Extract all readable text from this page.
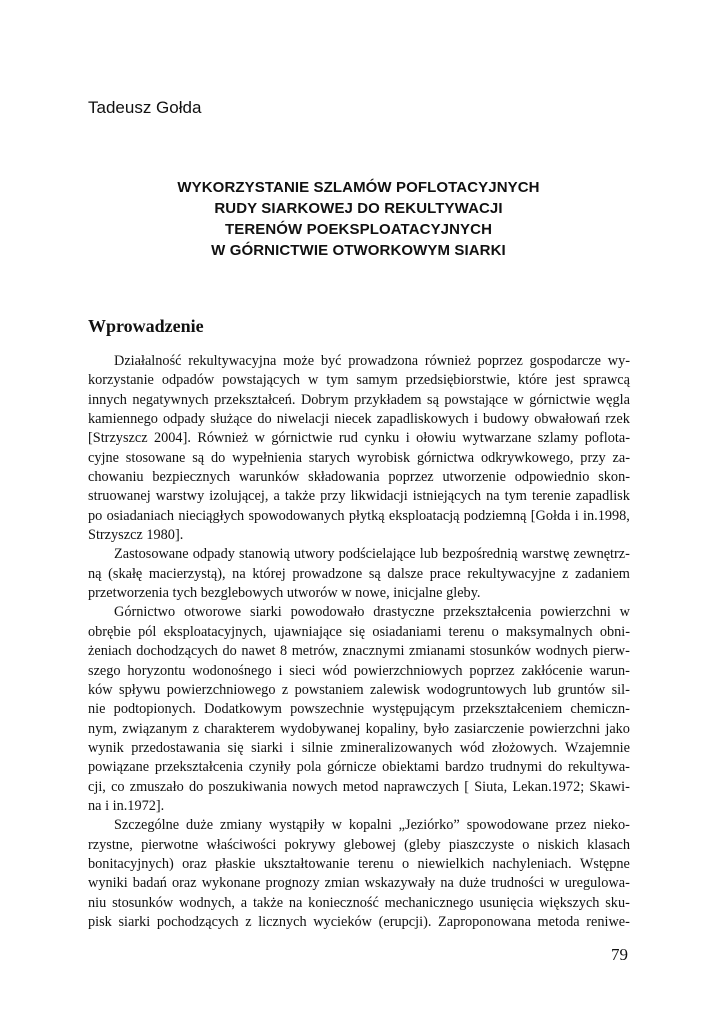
Tadeusz Gołda
WYKORZYSTANIE SZLAMÓW POFLOTACYJNYCH
RUDY SIARKOWEJ DO REKULTYWACJI
TERENÓW POEKSPLOATACYJNYCH
W GÓRNICTWIE OTWORKOWYM SIARKI
Wprowadzenie
Działalność rekultywacyjna może być prowadzona również poprzez gospodarcze wy-
korzystanie odpadów powstających w tym samym przedsiębiorstwie, które jest sprawcą
innych negatywnych przekształceń. Dobrym przykładem są powstające w górnictwie węgla
kamiennego odpady służące do niwelacji niecek zapadliskowych i budowy obwałowań rzek
[Strzyszcz 2004]. Również w górnictwie rud cynku i ołowiu wytwarzane szlamy poflota-
cyjne stosowane są do wypełnienia starych wyrobisk górnictwa odkrywkowego, przy za-
chowaniu bezpiecznych warunków składowania poprzez utworzenie odpowiednio skon-
struowanej warstwy izolującej, a także przy likwidacji istniejących na tym terenie zapadlisk
po osiadaniach nieciągłych spowodowanych płytką eksploatacją podziemną [Gołda i in.1998,
Strzyszcz 1980].
Zastosowane odpady stanowią utwory podścielające lub bezpośrednią warstwę zewnętrz-
ną (skałę macierzystą), na której prowadzone są dalsze prace rekultywacyjne z zadaniem
przetworzenia tych bezglebowych utworów w nowe, inicjalne gleby.
Górnictwo otworowe siarki powodowało drastyczne przekształcenia powierzchni w
obrębie pól eksploatacyjnych, ujawniające się osiadaniami terenu o maksymalnych obni-
żeniach dochodzących do nawet 8 metrów, znacznymi zmianami stosunków wodnych pierw-
szego horyzontu wodonośnego i sieci wód powierzchniowych poprzez zakłócenie warun-
ków spływu powierzchniowego z powstaniem zalewisk wodogruntowych lub gruntów sil-
nie podtopionych. Dodatkowym powszechnie występującym przekształceniem chemiczn-
nym, związanym z charakterem wydobywanej kopaliny, było zasiarczenie powierzchni jako
wynik przedostawania się siarki i silnie zmineralizowanych wód złożowych. Wzajemnie
powiązane przekształcenia czyniły pola górnicze obiektami bardzo trudnymi do rekultywa-
cji, co zmuszało do poszukiwania nowych metod naprawczych [ Siuta, Lekan.1972; Skawi-
na i in.1972].
Szczególne duże zmiany wystąpiły w kopalni „Jeziórko” spowodowane przez nieko-
rzystne, pierwotne właściwości pokrywy glebowej (gleby piaszczyste o niskich klasach
bonitacyjnych) oraz płaskie ukształtowanie terenu o niewielkich nachyleniach. Wstępne
wyniki badań oraz wykonane prognozy zmian wskazywały na duże trudności w uregulowa-
niu stosunków wodnych, a także na konieczność mechanicznego usunięcia większych sku-
pisk siarki pochodzących z licznych wycieków (erupcji). Zaproponowana metoda reniwe-
79
